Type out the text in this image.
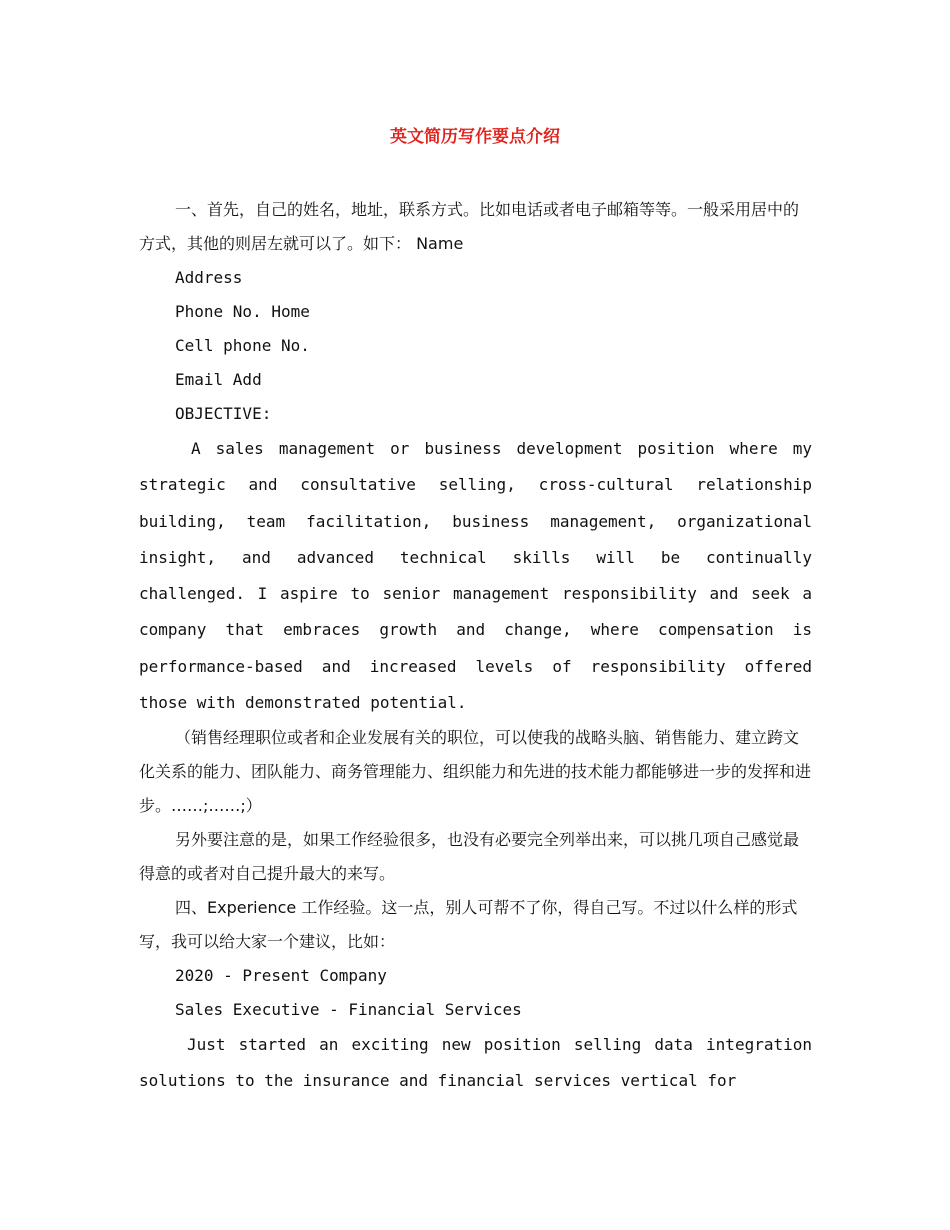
英文简历写作要点介绍

一、首先，自己的姓名，地址，联系方式。比如电话或者电子邮箱等等。一般采用居中的方式，其他的则居左就可以了。如下： Name

Address
Phone No. Home
Cell phone No.
Email Add
OBJECTIVE:

A sales management or business development position where my strategic and consultative selling, cross-cultural relationship building, team facilitation, business management, organizational insight, and advanced technical skills will be continually challenged. I aspire to senior management responsibility and seek a company that embraces growth and change, where compensation is performance-based and increased levels of responsibility offered those with demonstrated potential.

（销售经理职位或者和企业发展有关的职位，可以使我的战略头脑、销售能力、建立跨文化关系的能力、团队能力、商务管理能力、组织能力和先进的技术能力都能够进一步的发挥和进步。……;……;）

另外要注意的是，如果工作经验很多，也没有必要完全列举出来，可以挑几项自己感觉最得意的或者对自己提升最大的来写。

四、Experience 工作经验。这一点，别人可帮不了你，得自己写。不过以什么样的形式写，我可以给大家一个建议，比如：

2020 - Present Company
Sales Executive - Financial Services

Just started an exciting new position selling data integration solutions to the insurance and financial services vertical for
